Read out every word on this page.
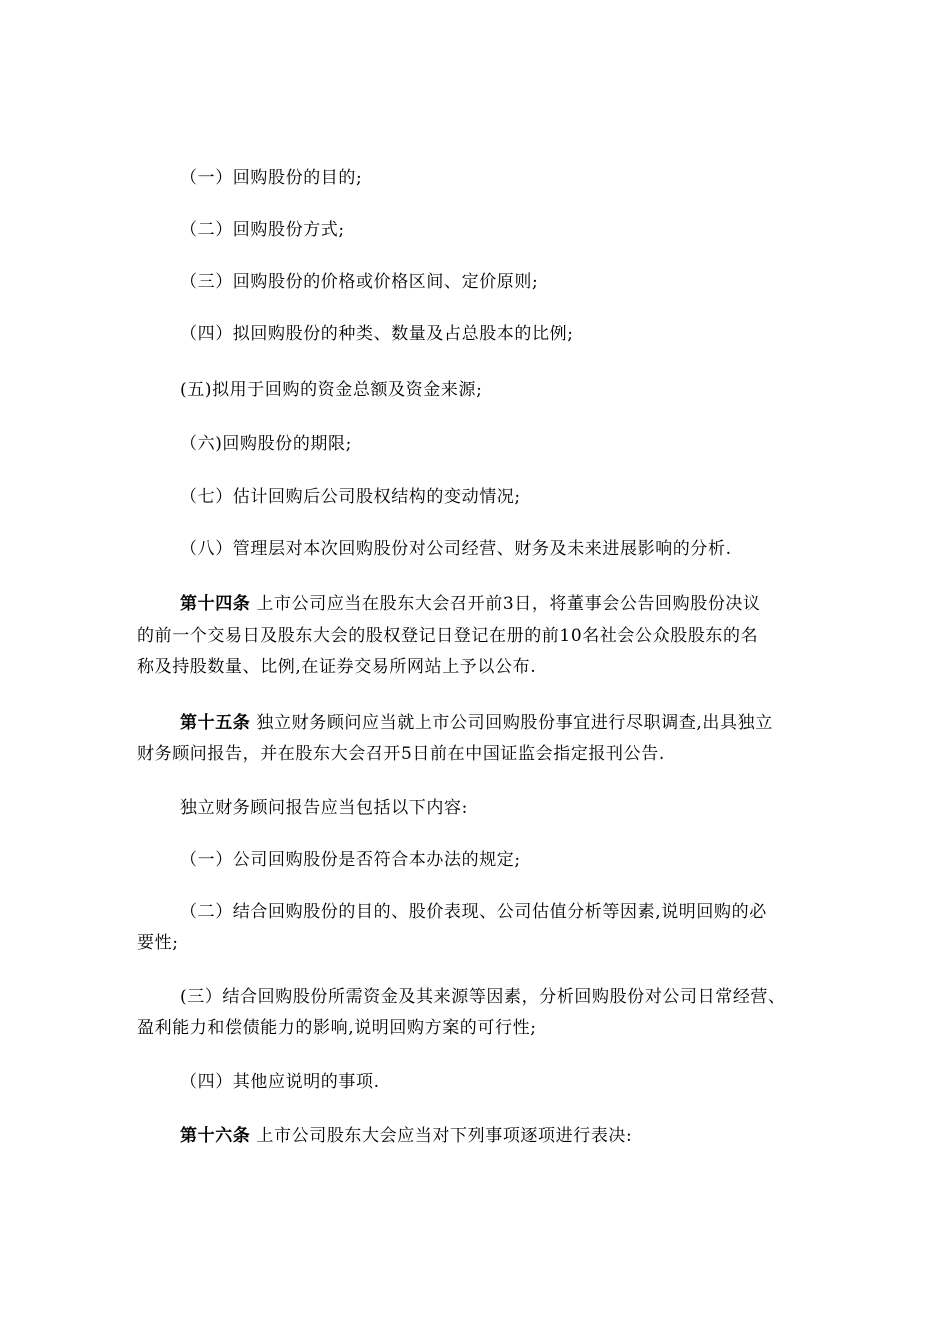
（一）回购股份的目的;
（二）回购股份方式;
（三）回购股份的价格或价格区间、定价原则;
（四）拟回购股份的种类、数量及占总股本的比例;
(五)拟用于回购的资金总额及资金来源;
（六)回购股份的期限;
（七）估计回购后公司股权结构的变动情况;
（八）管理层对本次回购股份对公司经营、财务及未来进展影响的分析.
第十四条 上市公司应当在股东大会召开前3日，将董事会公告回购股份决议
的前一个交易日及股东大会的股权登记日登记在册的前10名社会公众股股东的名
称及持股数量、比例,在证券交易所网站上予以公布.
第十五条 独立财务顾问应当就上市公司回购股份事宜进行尽职调查,出具独立
财务顾问报告，并在股东大会召开5日前在中国证监会指定报刊公告.
独立财务顾问报告应当包括以下内容:
（一）公司回购股份是否符合本办法的规定;
（二）结合回购股份的目的、股价表现、公司估值分析等因素,说明回购的必
要性;
(三）结合回购股份所需资金及其来源等因素，分析回购股份对公司日常经营、
盈利能力和偿债能力的影响,说明回购方案的可行性;
（四）其他应说明的事项.
第十六条 上市公司股东大会应当对下列事项逐项进行表决:
